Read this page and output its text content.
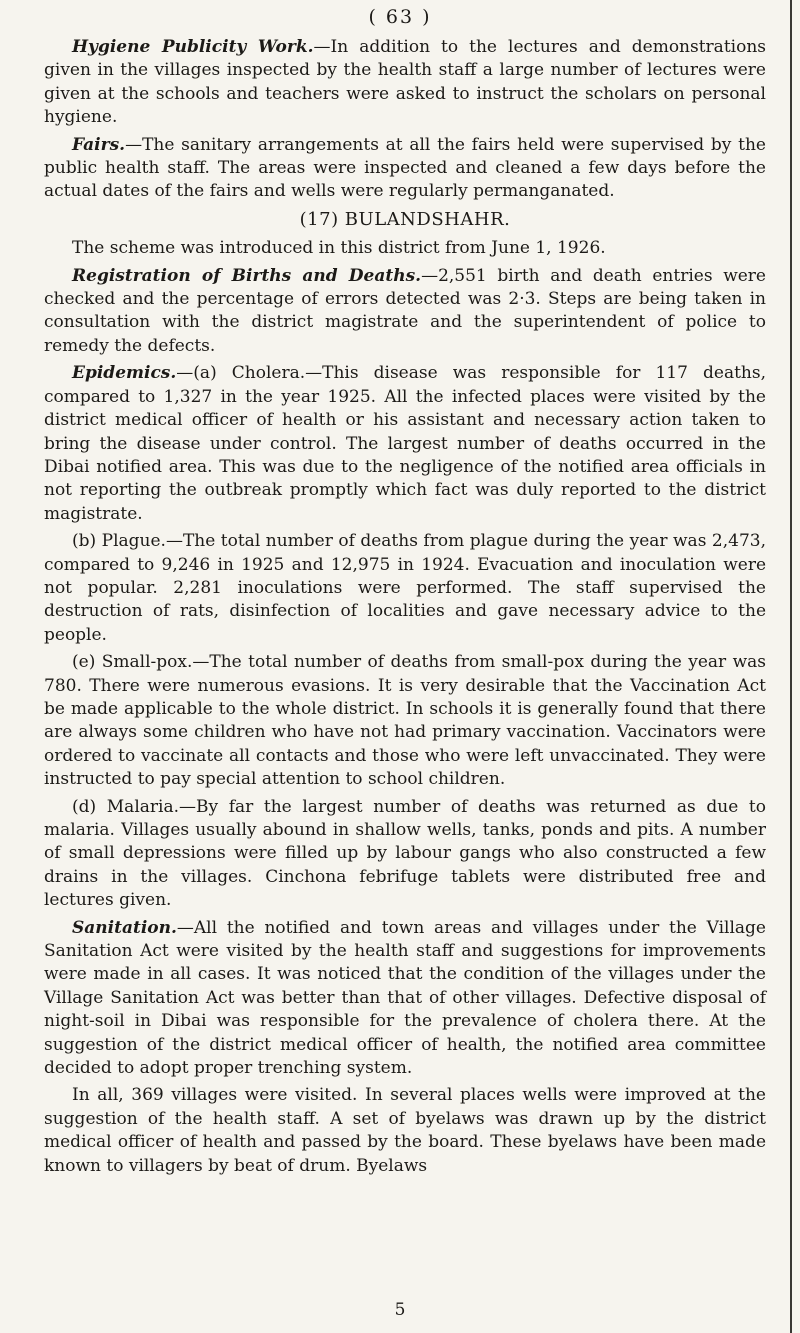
( 63 )

Hygiene Publicity Work.—In addition to the lectures and demonstrations given in the villages inspected by the health staff a large number of lectures were given at the schools and teachers were asked to instruct the scholars on personal hygiene.

Fairs.—The sanitary arrangements at all the fairs held were supervised by the public health staff. The areas were inspected and cleaned a few days before the actual dates of the fairs and wells were regularly permanganated.

(17) BULANDSHAHR.

The scheme was introduced in this district from June 1, 1926.

Registration of Births and Deaths.—2,551 birth and death entries were checked and the percentage of errors detected was 2·3. Steps are being taken in consultation with the district magistrate and the superintendent of police to remedy the defects.

Epidemics.—(a) Cholera.—This disease was responsible for 117 deaths, compared to 1,327 in the year 1925. All the infected places were visited by the district medical officer of health or his assistant and necessary action taken to bring the disease under control. The largest number of deaths occurred in the Dibai notified area. This was due to the negligence of the notified area officials in not reporting the outbreak promptly which fact was duly reported to the district magistrate.

(b) Plague.—The total number of deaths from plague during the year was 2,473, compared to 9,246 in 1925 and 12,975 in 1924. Evacuation and inoculation were not popular. 2,281 inoculations were performed. The staff supervised the destruction of rats, disinfection of localities and gave necessary advice to the people.

(e) Small-pox.—The total number of deaths from small-pox during the year was 780. There were numerous evasions. It is very desirable that the Vaccination Act be made applicable to the whole district. In schools it is generally found that there are always some children who have not had primary vaccination. Vaccinators were ordered to vaccinate all contacts and those who were left unvaccinated. They were instructed to pay special attention to school children.

(d) Malaria.—By far the largest number of deaths was returned as due to malaria. Villages usually abound in shallow wells, tanks, ponds and pits. A number of small depressions were filled up by labour gangs who also constructed a few drains in the villages. Cinchona febrifuge tablets were distributed free and lectures given.

Sanitation.—All the notified and town areas and villages under the Village Sanitation Act were visited by the health staff and suggestions for improvements were made in all cases. It was noticed that the condition of the villages under the Village Sanitation Act was better than that of other villages. Defective disposal of night-soil in Dibai was responsible for the prevalence of cholera there. At the suggestion of the district medical officer of health, the notified area committee decided to adopt proper trenching system.

In all, 369 villages were visited. In several places wells were improved at the suggestion of the health staff. A set of byelaws was drawn up by the district medical officer of health and passed by the board. These byelaws have been made known to villagers by beat of drum. Byelaws

5
